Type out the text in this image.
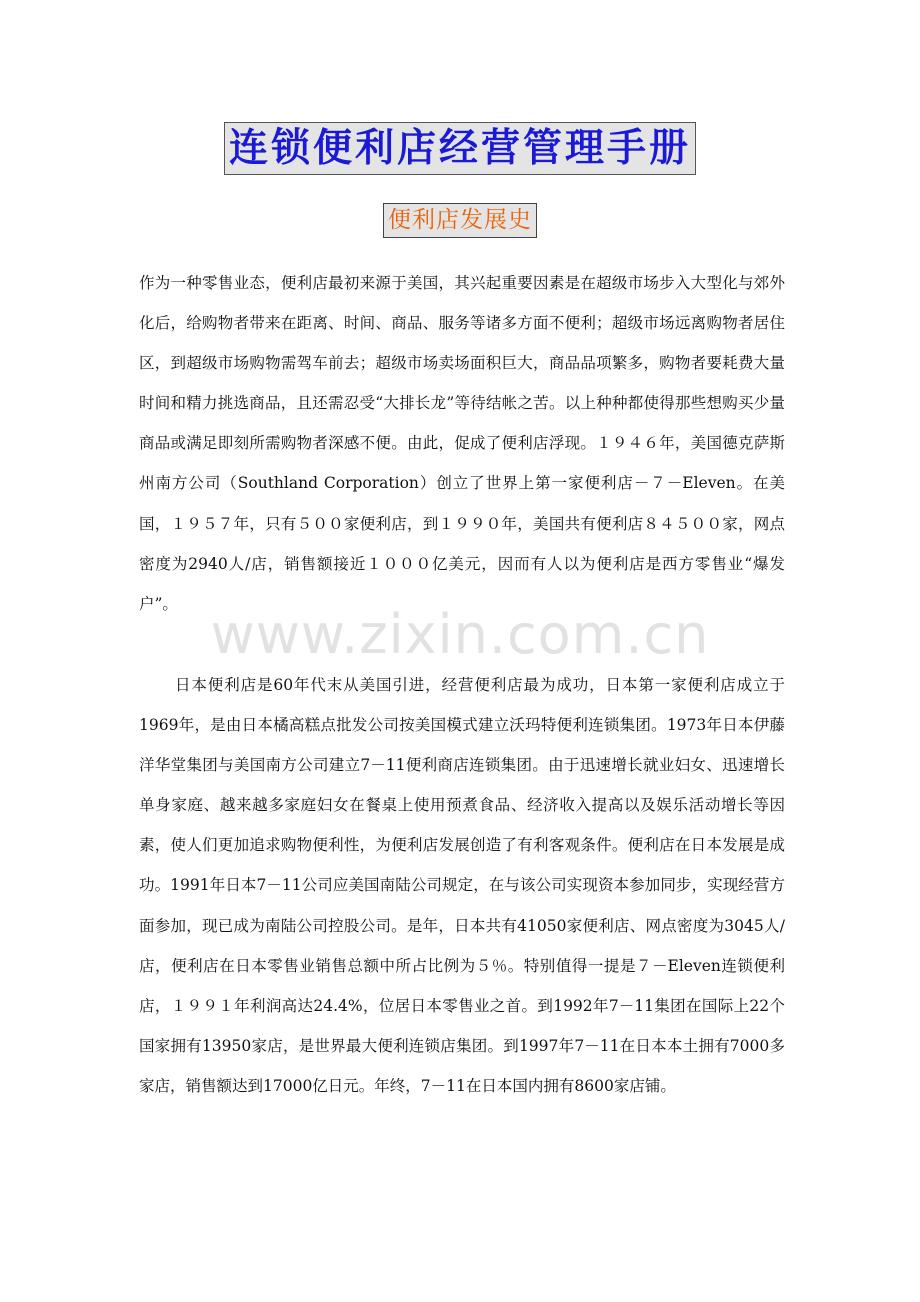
连锁便利店经营管理手册
便利店发展史

作为一种零售业态，便利店最初来源于美国，其兴起重要因素是在超级市场步入大型化与郊外化后，给购物者带来在距离、时间、商品、服务等诸多方面不便利；超级市场远离购物者居住区，到超级市场购物需驾车前去；超级市场卖场面积巨大，商品品项繁多，购物者要耗费大量时间和精力挑选商品，且还需忍受“大排长龙”等待结帐之苦。以上种种都使得那些想购买少量商品或满足即刻所需购物者深感不便。由此，促成了便利店浮现。１９４６年，美国德克萨斯州南方公司（Southland Corporation）创立了世界上第一家便利店－７－Eleven。在美国，１９５７年，只有５００家便利店，到１９９０年，美国共有便利店８４５００家，网点密度为2940人/店，销售额接近１０００亿美元，因而有人以为便利店是西方零售业“爆发户”。 www.zixin.com.cn

日本便利店是60年代末从美国引进，经营便利店最为成功，日本第一家便利店成立于1969年，是由日本橘高糕点批发公司按美国模式建立沃玛特便利连锁集团。1973年日本伊藤洋华堂集团与美国南方公司建立7－11便利商店连锁集团。由于迅速增长就业妇女、迅速增长单身家庭、越来越多家庭妇女在餐桌上使用预煮食品、经济收入提高以及娱乐活动增长等因素，使人们更加追求购物便利性，为便利店发展创造了有利客观条件。便利店在日本发展是成功。1991年日本7－11公司应美国南陆公司规定，在与该公司实现资本参加同步，实现经营方面参加，现已成为南陆公司控股公司。是年，日本共有41050家便利店、网点密度为3045人/店，便利店在日本零售业销售总额中所占比例为５％。特别值得一提是７－Eleven连锁便利店，１９９１年利润高达24.4%，位居日本零售业之首。到1992年7－11集团在国际上22个国家拥有13950家店，是世界最大便利连锁店集团。到1997年7－11在日本本土拥有7000多家店，销售额达到17000亿日元。年终，7－11在日本国内拥有8600家店铺。
